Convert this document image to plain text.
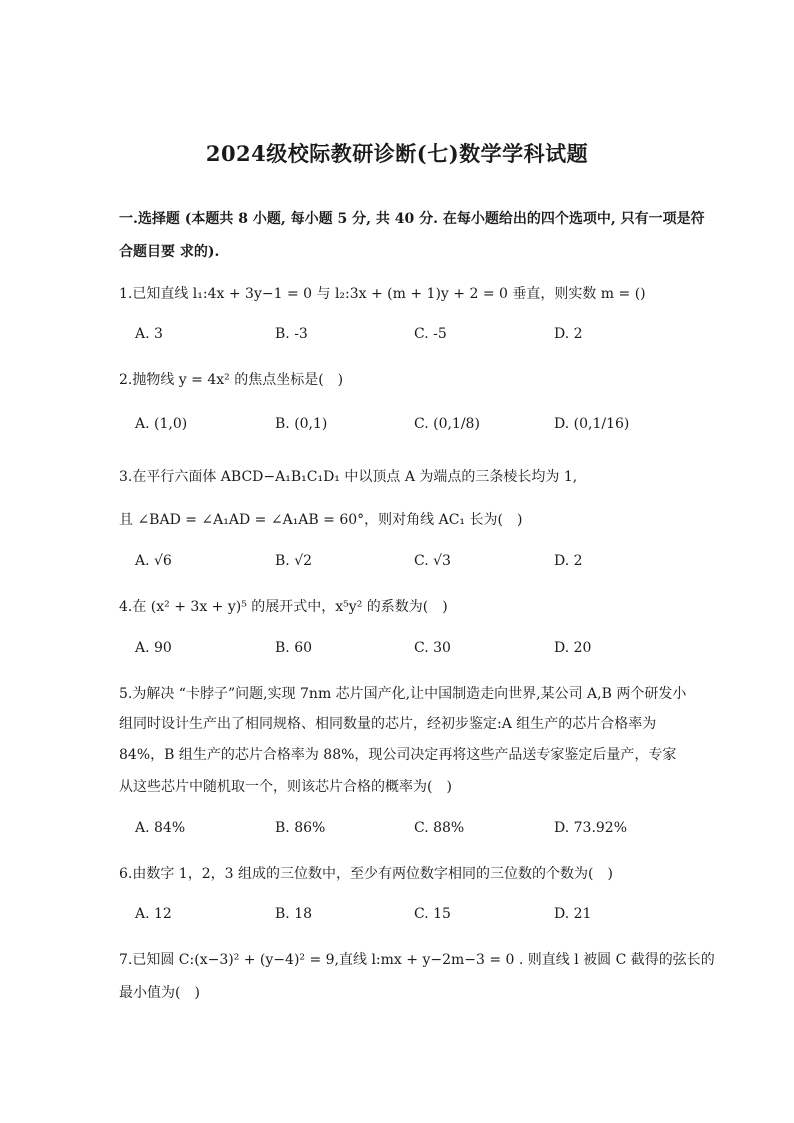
2024级校际教研诊断(七)数学学科试题
一.选择题 (本题共 8 小题, 每小题 5 分, 共 40 分. 在每小题给出的四个选项中, 只有一项是符
合题目要 求的).
1.已知直线 l₁:4x + 3y−1 = 0 与 l₂:3x + (m + 1)y + 2 = 0 垂直，则实数 m = ()
A. 3	B. -3	C. -5	D. 2
2.抛物线 y = 4x² 的焦点坐标是(　)
A. (1,0)	B. (0,1)	C. (0,1/8)	D. (0,1/16)
3.在平行六面体 ABCD−A₁B₁C₁D₁ 中以顶点 A 为端点的三条棱长均为 1,
且 ∠BAD = ∠A₁AD = ∠A₁AB = 60°，则对角线 AC₁ 长为(　)
A. √6	B. √2	C. √3	D. 2
4.在 (x² + 3x + y)⁵ 的展开式中，x⁵y² 的系数为(　)
A. 90	B. 60	C. 30	D. 20
5.为解决 “卡脖子”问题,实现 7nm 芯片国产化,让中国制造走向世界,某公司 A,B 两个研发小
组同时设计生产出了相同规格、相同数量的芯片，经初步鉴定:A 组生产的芯片合格率为
84%，B 组生产的芯片合格率为 88%，现公司决定再将这些产品送专家鉴定后量产，专家
从这些芯片中随机取一个，则该芯片合格的概率为(　)
A. 84%	B. 86%	C. 88%	D. 73.92%
6.由数字 1，2，3 组成的三位数中，至少有两位数字相同的三位数的个数为(　)
A. 12	B. 18	C. 15	D. 21
7.已知圆 C:(x−3)² + (y−4)² = 9,直线 l:mx + y−2m−3 = 0 . 则直线 l 被圆 C 截得的弦长的
最小值为(　)
